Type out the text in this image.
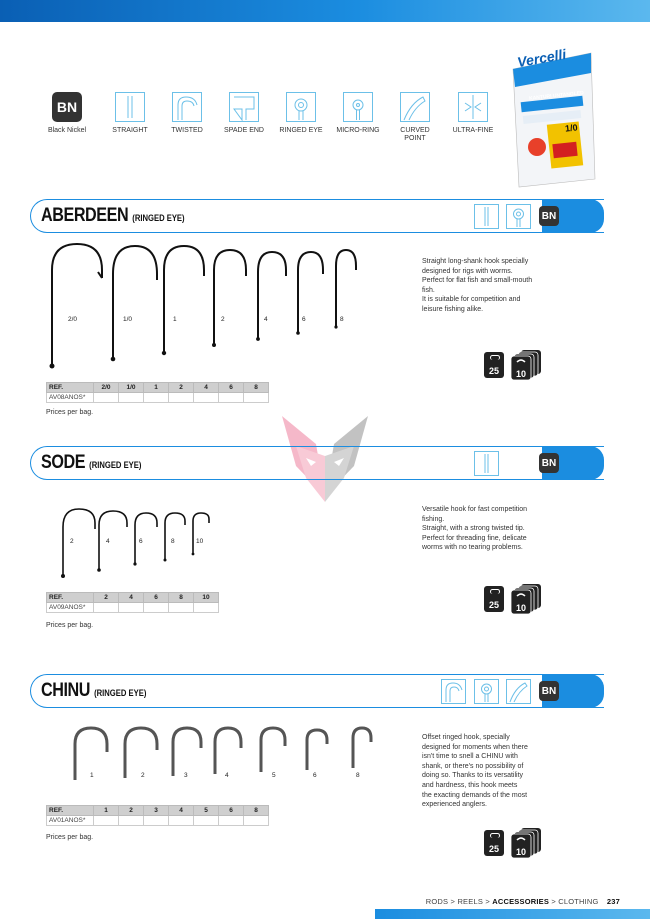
BN
Black Nickel	STRAIGHT	TWISTED	SPADE END	RINGED EYE	MICRO-RING	CURVED POINT
ULTRA-FINE
Vercelli
KANTURI UNTANGLED
1/0
ABERDEEN (RINGED EYE)	BN
2/0	1/0	1	2	4	6	8
REF.	2/0	1/0	1	2	4	6	8
AV08ANOS*							
Prices per bag.
Straight long-shank hook specially
designed for rigs with worms.
Perfect for flat fish and small-mouth
fish.
It is suitable for competition and
leisure fishing alike.
25	10
SODE (RINGED EYE)	BN
2	4	6	8	10
REF.	2	4	6	8	10
AV09ANOS*					
Prices per bag.
Versatile hook for fast competition
fishing.
Straight, with a strong twisted tip.
Perfect for threading fine, delicate
worms with no tearing problems.
25	10
CHINU (RINGED EYE)	BN
1	2	3	4	5	6	8
REF.	1	2	3	4	5	6	8
AV01ANOS*							
Prices per bag.
Offset ringed hook, specially
designed for moments when there
isn't time to snell a CHINU with
shank, or there's no possibility of
doing so. Thanks to its versatility
and hardness, this hook meets
the exacting demands of the most
experienced anglers.
25	10
RODS > REELS > ACCESSORIES > CLOTHING 237
